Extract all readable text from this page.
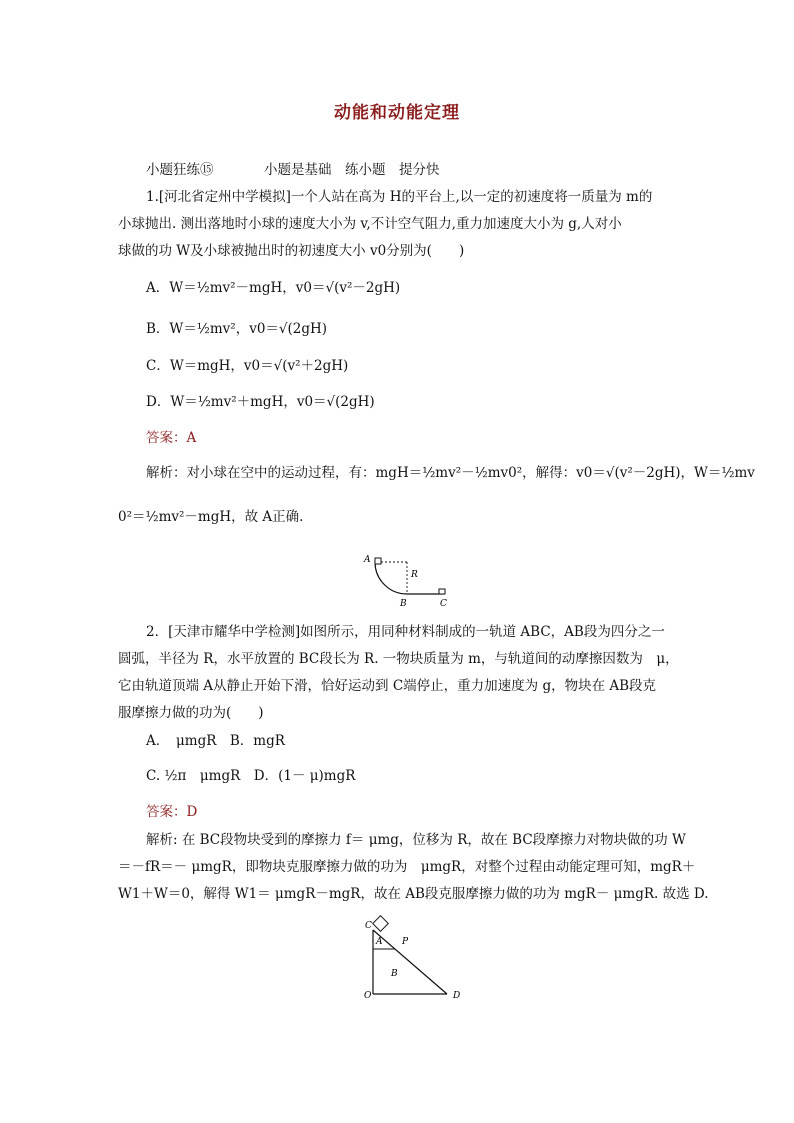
动能和动能定理
小题狂练⑮	小题是基础　练小题　提分快
1.[河北省定州中学模拟]一个人站在高为 H的平台上,以一定的初速度将一质量为 m的
小球抛出. 测出落地时小球的速度大小为 v,不计空气阻力,重力加速度大小为 g,人对小
球做的功 W及小球被抛出时的初速度大小 v0分别为(　　)
A．W＝½mv²－mgH，v0＝√(v²－2gH)
B．W＝½mv²，v0＝√(2gH)
C．W＝mgH，v0＝√(v²＋2gH)
D．W＝½mv²＋mgH，v0＝√(2gH)
答案：A
解析：对小球在空中的运动过程，有：mgH＝½mv²－½mv0²，解得：v0＝√(v²－2gH)，W＝½mv
0²＝½mv²－mgH，故 A正确.
A
R
B	C
2．[天津市耀华中学检测]如图所示，用同种材料制成的一轨道 ABC，AB段为四分之一
圆弧，半径为 R，水平放置的 BC段长为 R. 一物块质量为 m，与轨道间的动摩擦因数为　μ，
它由轨道顶端 A从静止开始下滑，恰好运动到 C端停止，重力加速度为 g，物块在 AB段克
服摩擦力做的功为(　　)
A．　μmgR　B．mgR
C. ½π　μmgR　D．(1－ μ)mgR
答案：D
解析: 在 BC段物块受到的摩擦力 f＝ μmg，位移为 R，故在 BC段摩擦力对物块做的功 W
＝－fR＝－ μmgR，即物块克服摩擦力做的功为　μmgR，对整个过程由动能定理可知，mgR＋
W1＋W＝0，解得 W1＝ μmgR－mgR，故在 AB段克服摩擦力做的功为 mgR－ μmgR. 故选 D.
C
A P
B
O	D
